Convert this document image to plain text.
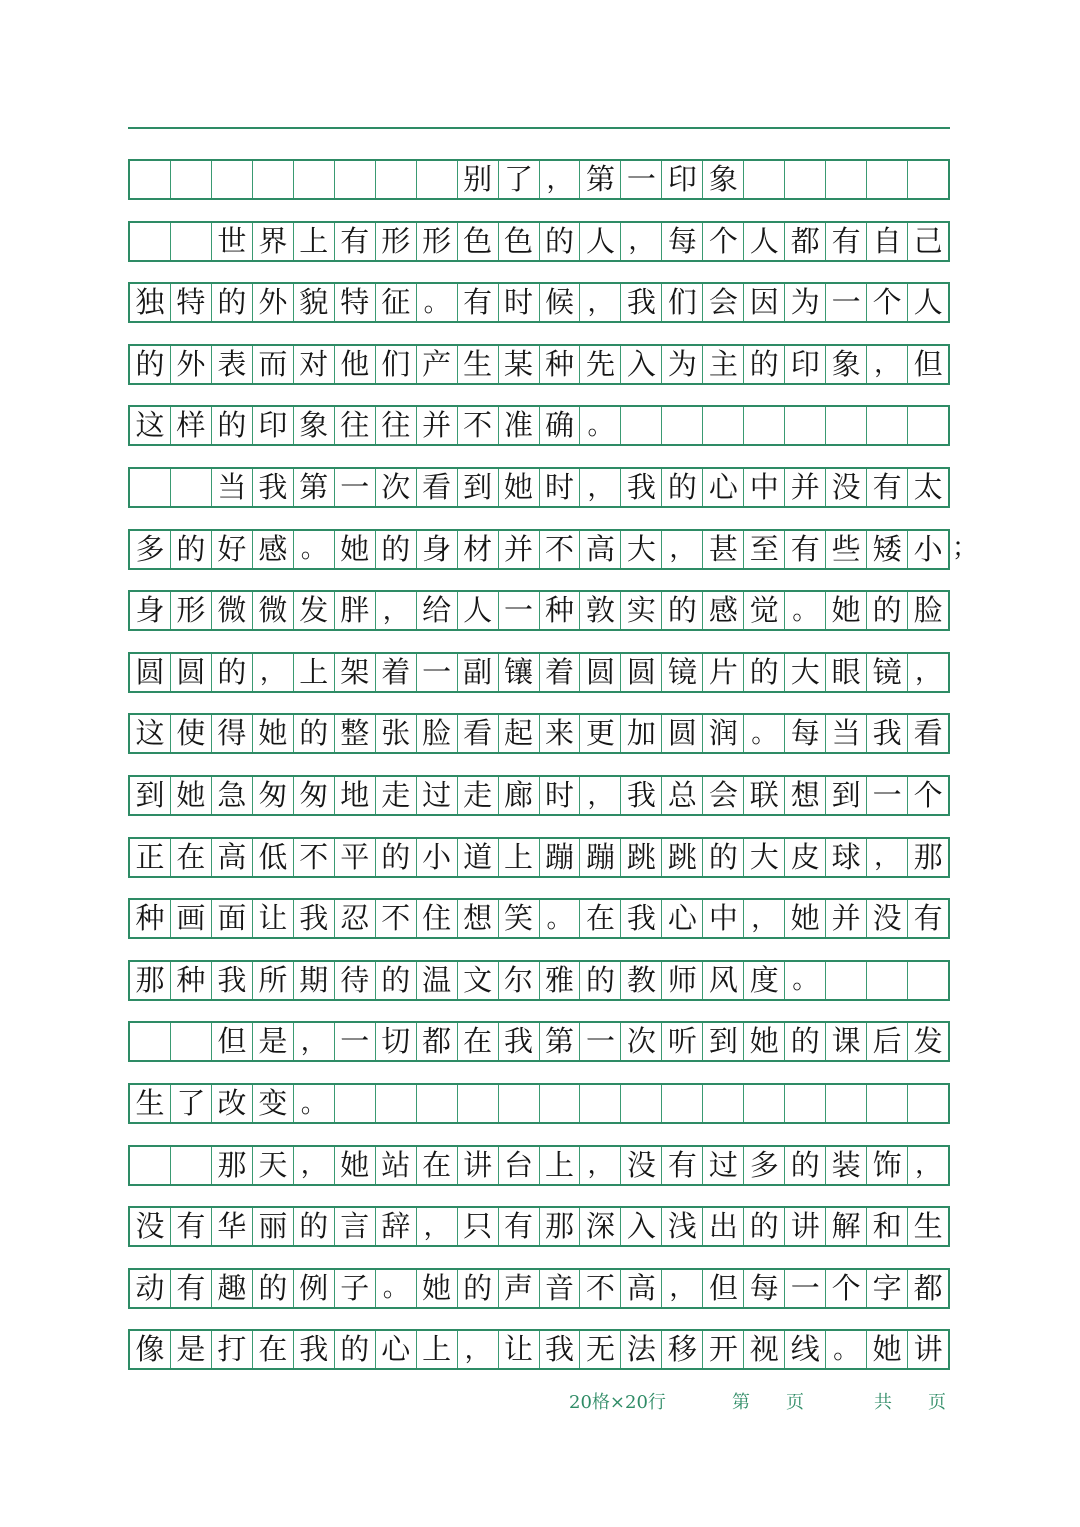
别 了 ， 第 一 印 象
世 界 上 有 形 形 色 色 的 人 ， 每 个 人 都 有 自 己
独 特 的 外 貌 特 征 。 有 时 候 ， 我 们 会 因 为 一 个 人
的 外 表 而 对 他 们 产 生 某 种 先 入 为 主 的 印 象 ， 但
这 样 的 印 象 往 往 并 不 准 确 。
当 我 第 一 次 看 到 她 时 ， 我 的 心 中 并 没 有 太
多 的 好 感 。 她 的 身 材 并 不 高 大 ， 甚 至 有 些 矮 小
身 形 微 微 发 胖 ， 给 人 一 种 敦 实 的 感 觉 。 她 的 脸
圆 圆 的 ， 上 架 着 一 副 镶 着 圆 圆 镜 片 的 大 眼 镜 ，
这 使 得 她 的 整 张 脸 看 起 来 更 加 圆 润 。 每 当 我 看
到 她 急 匆 匆 地 走 过 走 廊 时 ， 我 总 会 联 想 到 一 个
正 在 高 低 不 平 的 小 道 上 蹦 蹦 跳 跳 的 大 皮 球 ， 那
种 画 面 让 我 忍 不 住 想 笑 。 在 我 心 中 ， 她 并 没 有
那 种 我 所 期 待 的 温 文 尔 雅 的 教 师 风 度 。
但 是 ， 一 切 都 在 我 第 一 次 听 到 她 的 课 后 发
生 了 改 变 。
那 天 ， 她 站 在 讲 台 上 ， 没 有 过 多 的 装 饰 ，
没 有 华 丽 的 言 辞 ， 只 有 那 深 入 浅 出 的 讲 解 和 生
动 有 趣 的 例 子 。 她 的 声 音 不 高 ， 但 每 一 个 字 都
像 是 打 在 我 的 心 上 ， 让 我 无 法 移 开 视 线 。 她 讲
；
20格×20行	第　　页	共　　页
